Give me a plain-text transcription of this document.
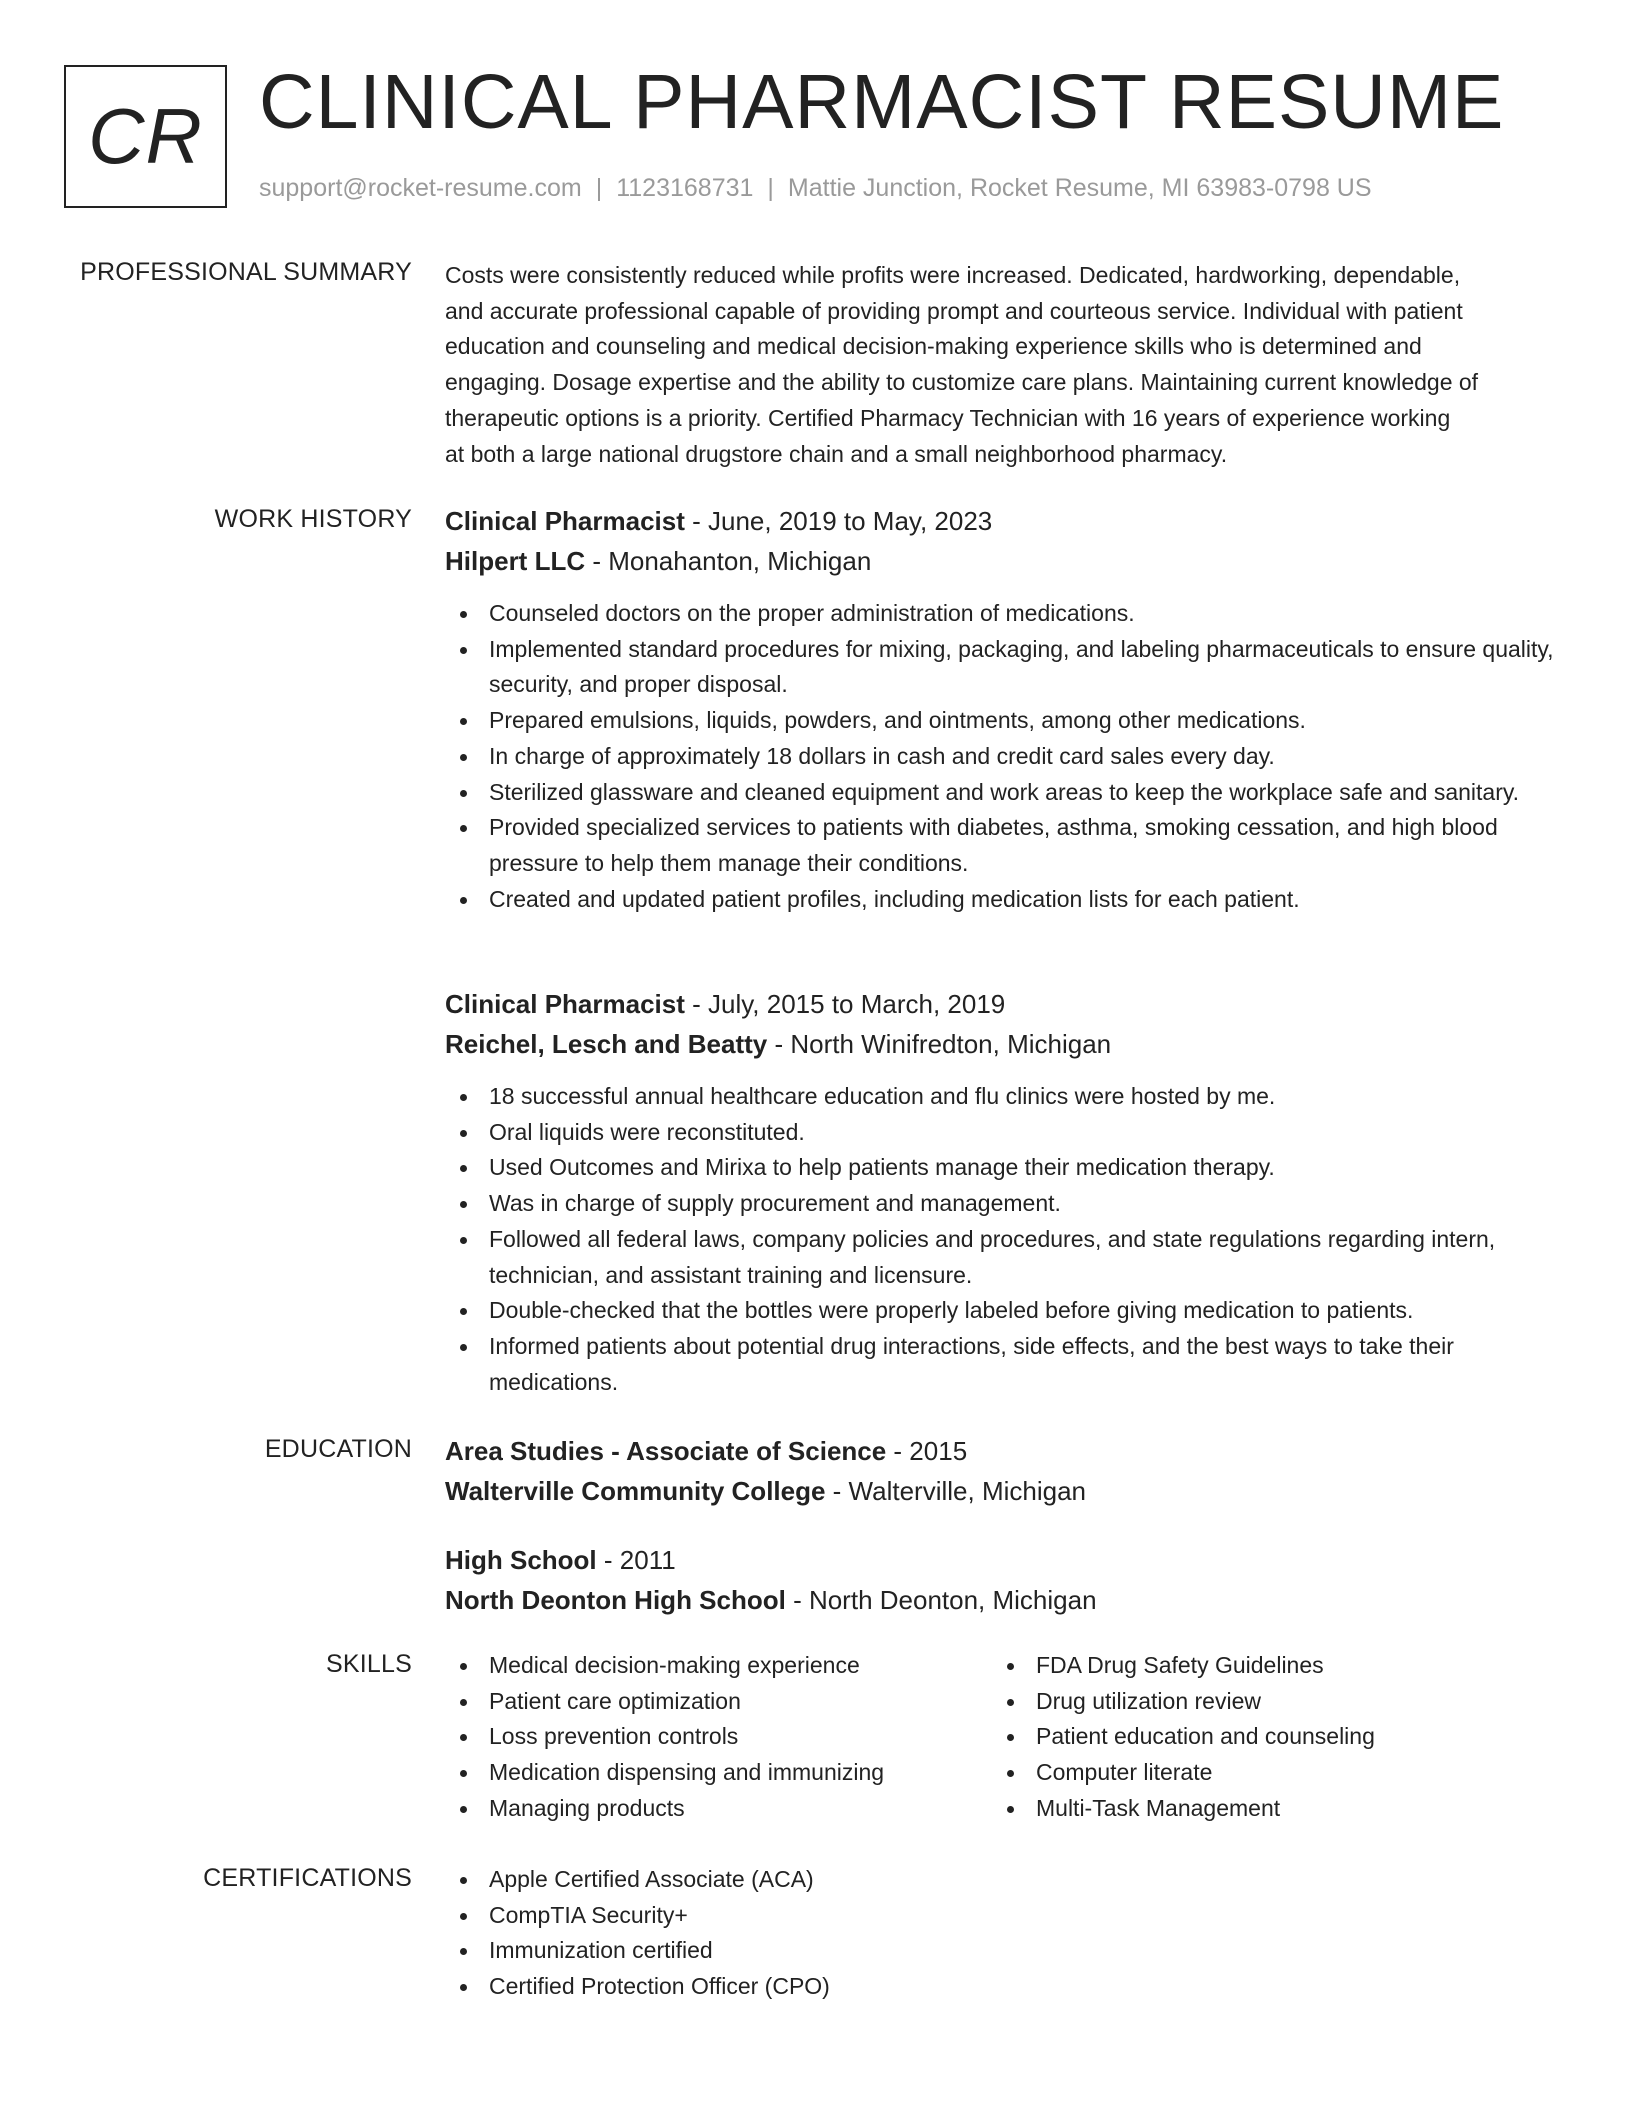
CR CLINICAL PHARMACIST RESUME
support@rocket-resume.com | 1123168731 | Mattie Junction, Rocket Resume, MI 63983-0798 US
PROFESSIONAL SUMMARY Costs were consistently reduced while profits were increased. Dedicated, hardworking, dependable,
and accurate professional capable of providing prompt and courteous service. Individual with patient
education and counseling and medical decision-making experience skills who is determined and
engaging. Dosage expertise and the ability to customize care plans. Maintaining current knowledge of
therapeutic options is a priority. Certified Pharmacy Technician with 16 years of experience working
at both a large national drugstore chain and a small neighborhood pharmacy.
WORK HISTORY Clinical Pharmacist - June, 2019 to May, 2023
Hilpert LLC - Monahanton, Michigan
Counseled doctors on the proper administration of medications.
Implemented standard procedures for mixing, packaging, and labeling pharmaceuticals to ensure quality, security, and proper disposal.
Prepared emulsions, liquids, powders, and ointments, among other medications.
In charge of approximately 18 dollars in cash and credit card sales every day.
Sterilized glassware and cleaned equipment and work areas to keep the workplace safe and sanitary.
Provided specialized services to patients with diabetes, asthma, smoking cessation, and high blood pressure to help them manage their conditions.
Created and updated patient profiles, including medication lists for each patient.
Clinical Pharmacist - July, 2015 to March, 2019
Reichel, Lesch and Beatty - North Winifredton, Michigan
18 successful annual healthcare education and flu clinics were hosted by me.
Oral liquids were reconstituted.
Used Outcomes and Mirixa to help patients manage their medication therapy.
Was in charge of supply procurement and management.
Followed all federal laws, company policies and procedures, and state regulations regarding intern, technician, and assistant training and licensure.
Double-checked that the bottles were properly labeled before giving medication to patients.
Informed patients about potential drug interactions, side effects, and the best ways to take their medications.
EDUCATION Area Studies - Associate of Science - 2015
Walterville Community College - Walterville, Michigan
High School - 2011
North Deonton High School - North Deonton, Michigan
SKILLS	Medical decision-making experience
Patient care optimization
Loss prevention controls
Medication dispensing and immunizing
Managing products
FDA Drug Safety Guidelines
Drug utilization review
Patient education and counseling
Computer literate
Multi-Task Management
CERTIFICATIONS	Apple Certified Associate (ACA)
CompTIA Security+
Immunization certified
Certified Protection Officer (CPO)
